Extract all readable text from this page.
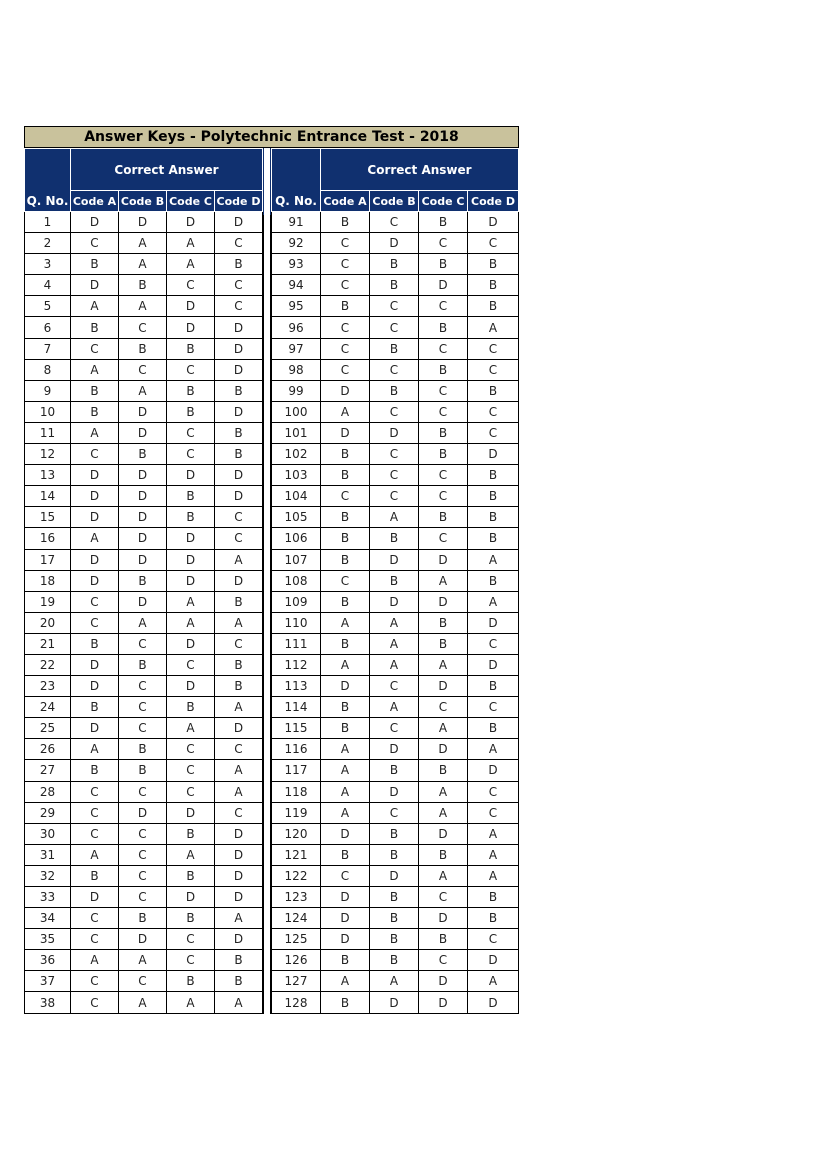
Answer Keys - Polytechnic Entrance Test - 2018
Q. No.	Correct Answer			
	Code A	Code B	Code C	Code D
1	D	D	D	D
2	C	A	A	C
3	B	A	A	B
4	D	B	C	C
5	A	A	D	C
6	B	C	D	D
7	C	B	B	D
8	A	C	C	D
9	B	A	B	B
10	B	D	B	D
11	A	D	C	B
12	C	B	C	B
13	D	D	D	D
14	D	D	B	D
15	D	D	B	C
16	A	D	D	C
17	D	D	D	A
18	D	B	D	D
19	C	D	A	B
20	C	A	A	A
21	B	C	D	C
22	D	B	C	B
23	D	C	D	B
24	B	C	B	A
25	D	C	A	D
26	A	B	C	C
27	B	B	C	A
28	C	C	C	A
29	C	D	D	C
30	C	C	B	D
31	A	C	A	D
32	B	C	B	D
33	D	C	D	D
34	C	B	B	A
35	C	D	C	D
36	A	A	C	B
37	C	C	B	B
38	C	A	A	A
Q. No.	Correct Answer			
	Code A	Code B	Code C	Code D
91	B	C	B	D
92	C	D	C	C
93	C	B	B	B
94	C	B	D	B
95	B	C	C	B
96	C	C	B	A
97	C	B	C	C
98	C	C	B	C
99	D	B	C	B
100	A	C	C	C
101	D	D	B	C
102	B	C	B	D
103	B	C	C	B
104	C	C	C	B
105	B	A	B	B
106	B	B	C	B
107	B	D	D	A
108	C	B	A	B
109	B	D	D	A
110	A	A	B	D
111	B	A	B	C
112	A	A	A	D
113	D	C	D	B
114	B	A	C	C
115	B	C	A	B
116	A	D	D	A
117	A	B	B	D
118	A	D	A	C
119	A	C	A	C
120	D	B	D	A
121	B	B	B	A
122	C	D	A	A
123	D	B	C	B
124	D	B	D	B
125	D	B	B	C
126	B	B	C	D
127	A	A	D	A
128	B	D	D	D
